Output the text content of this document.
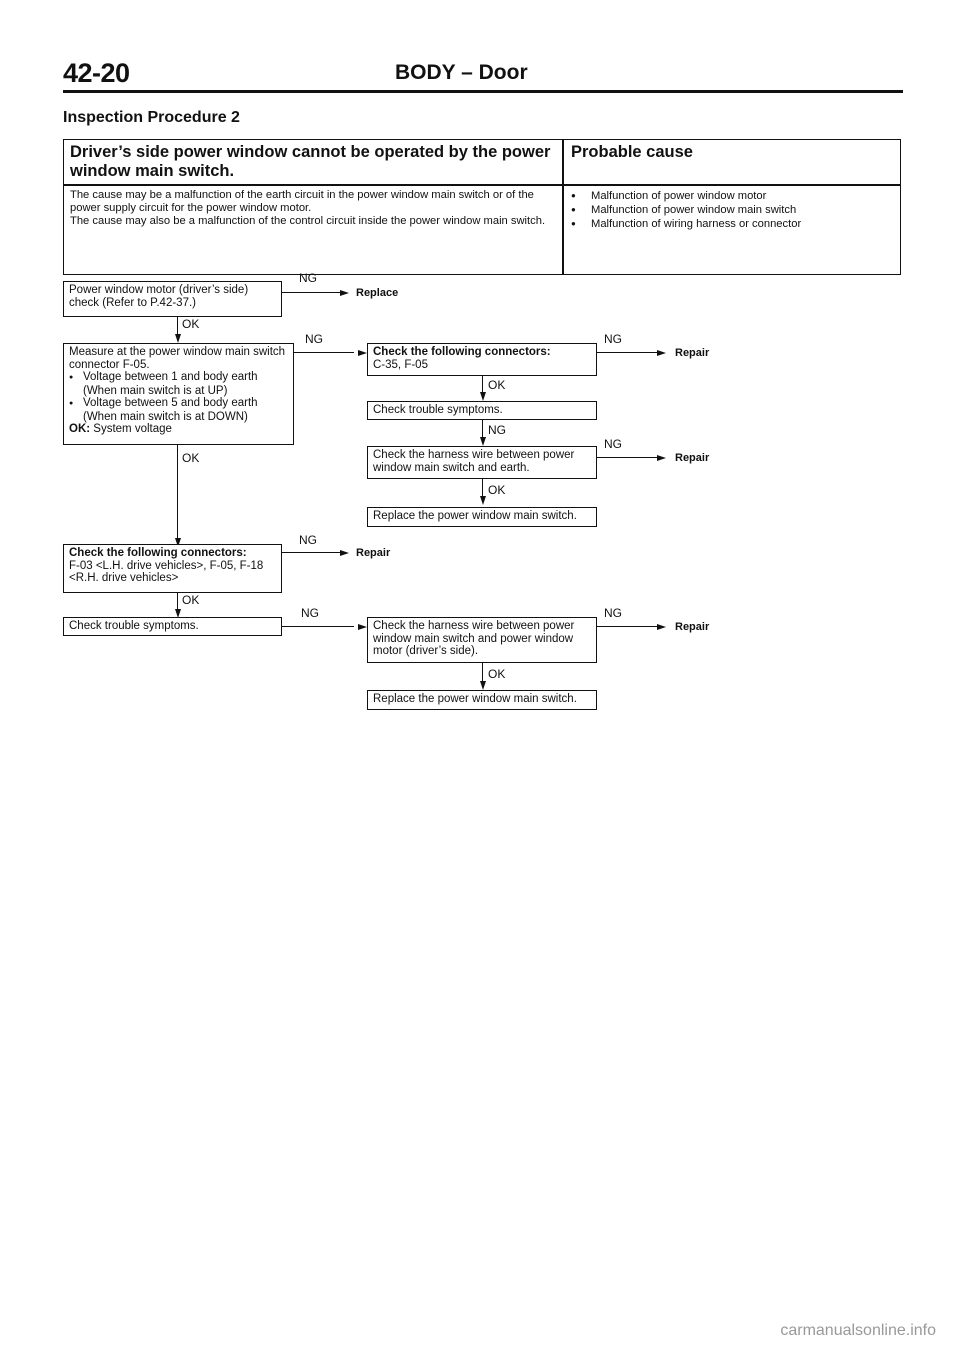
42-20	BODY – Door
Inspection Procedure 2
Driver’s side power window cannot be operated by the power window main switch.
Probable cause
The cause may be a malfunction of the earth circuit in the power window main switch or of the power supply circuit for the power window motor.
The cause may also be a malfunction of the control circuit inside the power window main switch.
● Malfunction of power window motor
● Malfunction of power window main switch
● Malfunction of wiring harness or connector
Power window motor (driver’s side) check (Refer to P.42-37.)
NG
Replace
OK
Measure at the power window main switch connector F-05.
● Voltage between 1 and body earth (When main switch is at UP)
● Voltage between 5 and body earth (When main switch is at DOWN)
OK: System voltage
NG
OK
Check the following connectors:
F-03 <L.H. drive vehicles>, F-05, F-18 <R.H. drive vehicles>
NG
Repair
OK
Check trouble symptoms.
NG
Check the following connectors:
C-35, F-05
NG
Repair
OK
Check trouble symptoms.
NG
Check the harness wire between power window main switch and earth.
NG
Repair
OK
Replace the power window main switch.
Check the harness wire between power window main switch and power window motor (driver’s side).
NG
Repair
OK
Replace the power window main switch.
carmanualsonline.info
